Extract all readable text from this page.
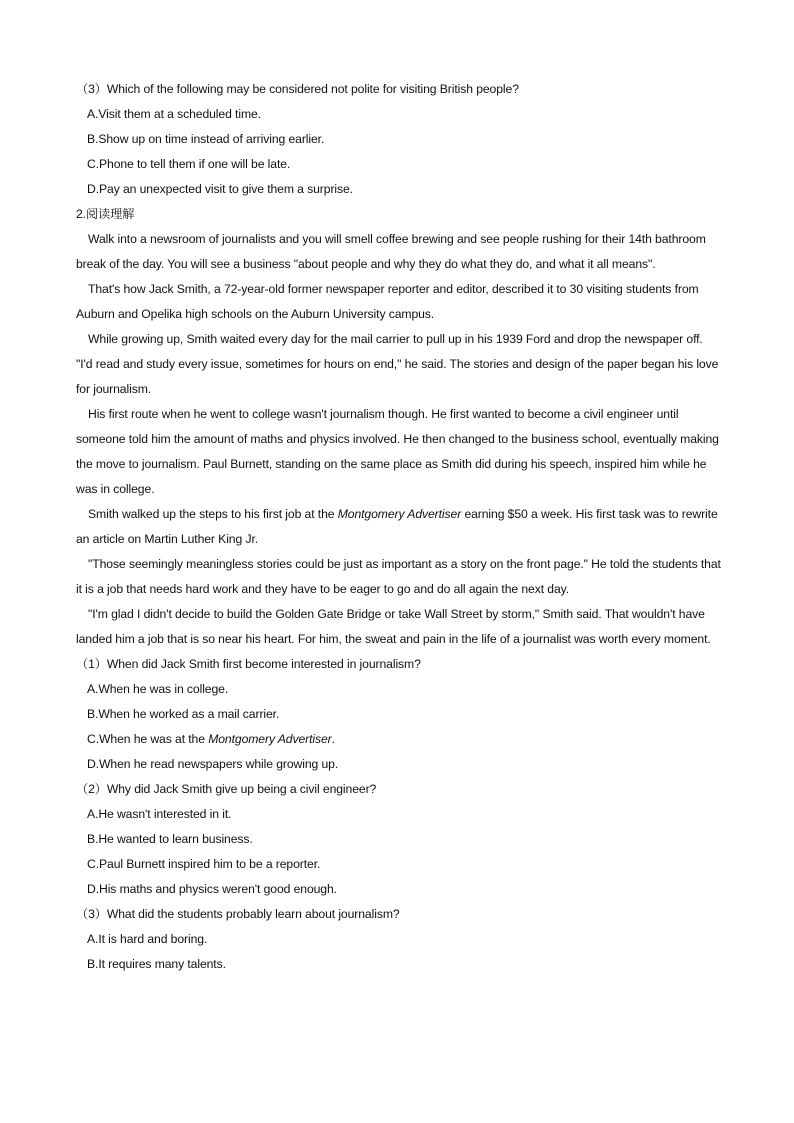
（3）Which of the following may be considered not polite for visiting British people?

A.Visit them at a scheduled time.

B.Show up on time instead of arriving earlier.

C.Phone to tell them if one will be late.

D.Pay an unexpected visit to give them a surprise.

2.阅读理解

Walk into a newsroom of journalists and you will smell coffee brewing and see people rushing for their 14th bathroom break of the day. You will see a business "about people and why they do what they do, and what it all means".

That's how Jack Smith, a 72-year-old former newspaper reporter and editor, described it to 30 visiting students from Auburn and Opelika high schools on the Auburn University campus.

While growing up, Smith waited every day for the mail carrier to pull up in his 1939 Ford and drop the newspaper off. "I'd read and study every issue, sometimes for hours on end," he said. The stories and design of the paper began his love for journalism.

His first route when he went to college wasn't journalism though. He first wanted to become a civil engineer until someone told him the amount of maths and physics involved. He then changed to the business school, eventually making the move to journalism. Paul Burnett, standing on the same place as Smith did during his speech, inspired him while he was in college.

Smith walked up the steps to his first job at the Montgomery Advertiser earning $50 a week. His first task was to rewrite an article on Martin Luther King Jr.

"Those seemingly meaningless stories could be just as important as a story on the front page." He told the students that it is a job that needs hard work and they have to be eager to go and do all again the next day.

"I'm glad I didn't decide to build the Golden Gate Bridge or take Wall Street by storm," Smith said. That wouldn't have landed him a job that is so near his heart. For him, the sweat and pain in the life of a journalist was worth every moment.

（1）When did Jack Smith first become interested in journalism?

A.When he was in college.

B.When he worked as a mail carrier.

C.When he was at the Montgomery Advertiser.

D.When he read newspapers while growing up.

（2）Why did Jack Smith give up being a civil engineer?

A.He wasn't interested in it.

B.He wanted to learn business.

C.Paul Burnett inspired him to be a reporter.

D.His maths and physics weren't good enough.

（3）What did the students probably learn about journalism?

A.It is hard and boring.

B.It requires many talents.
